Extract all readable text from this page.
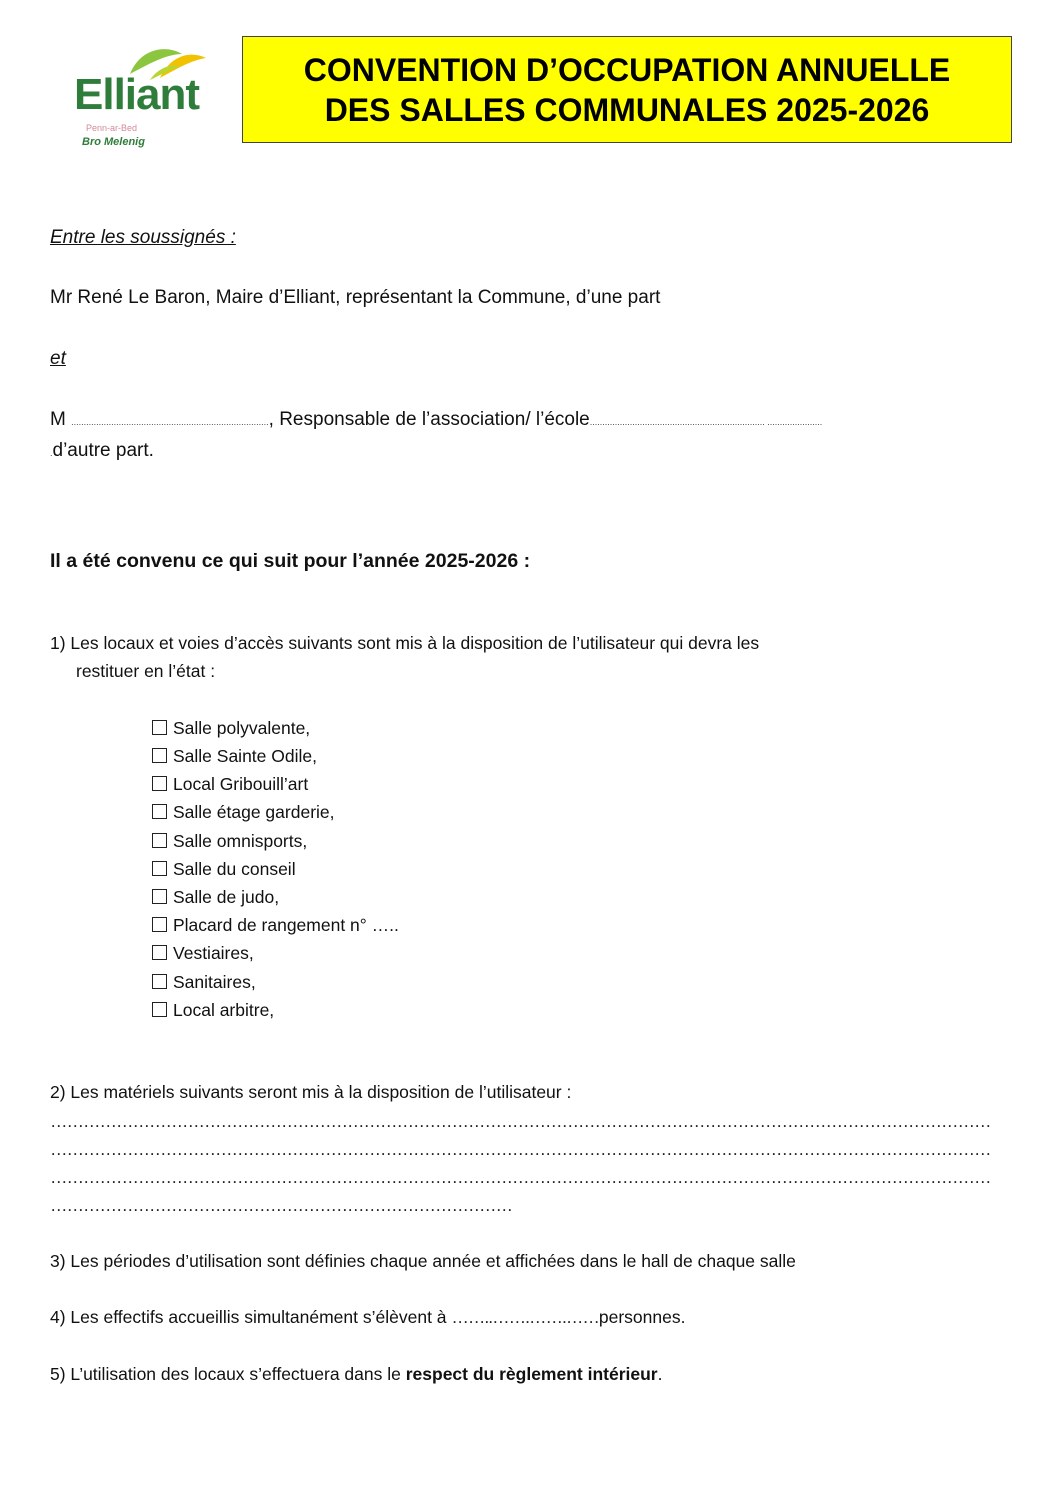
Elliant
Penn-ar-Bed
Bro Melenig
CONVENTION D’OCCUPATION ANNUELLE
DES SALLES COMMUNALES 2025-2026
Entre les soussignés :
Mr René Le Baron, Maire d’Elliant, représentant la Commune, d’une part
et
M ..............................................................................., Responsable de l’association/ l’école...................................................................... ......................
.d’autre part.
Il a été convenu ce qui suit pour l’année 2025-2026 :
1) Les locaux et voies d’accès suivants sont mis à la disposition de l’utilisateur qui devra les
restituer en l’état :
Salle polyvalente,
Salle Sainte Odile,
Local Gribouill’art
Salle étage garderie,
Salle omnisports,
Salle du conseil
Salle de judo,
Placard de rangement n° …..
Vestiaires,
Sanitaires,
Local arbitre,
2) Les matériels suivants seront mis à la disposition de l’utilisateur :
………………………………………………………………………………………………………………………………………………………
………………………………………………………………………………………………………………………………………………………
………………………………………………………………………………………………………………………………………………………
…………………………………………………………………………
3) Les périodes d’utilisation sont définies chaque année et affichées dans le hall de chaque salle
4) Les effectifs accueillis simultanément s’élèvent à ……..…….…….……personnes.
5) L’utilisation des locaux s’effectuera dans le respect du règlement intérieur.
